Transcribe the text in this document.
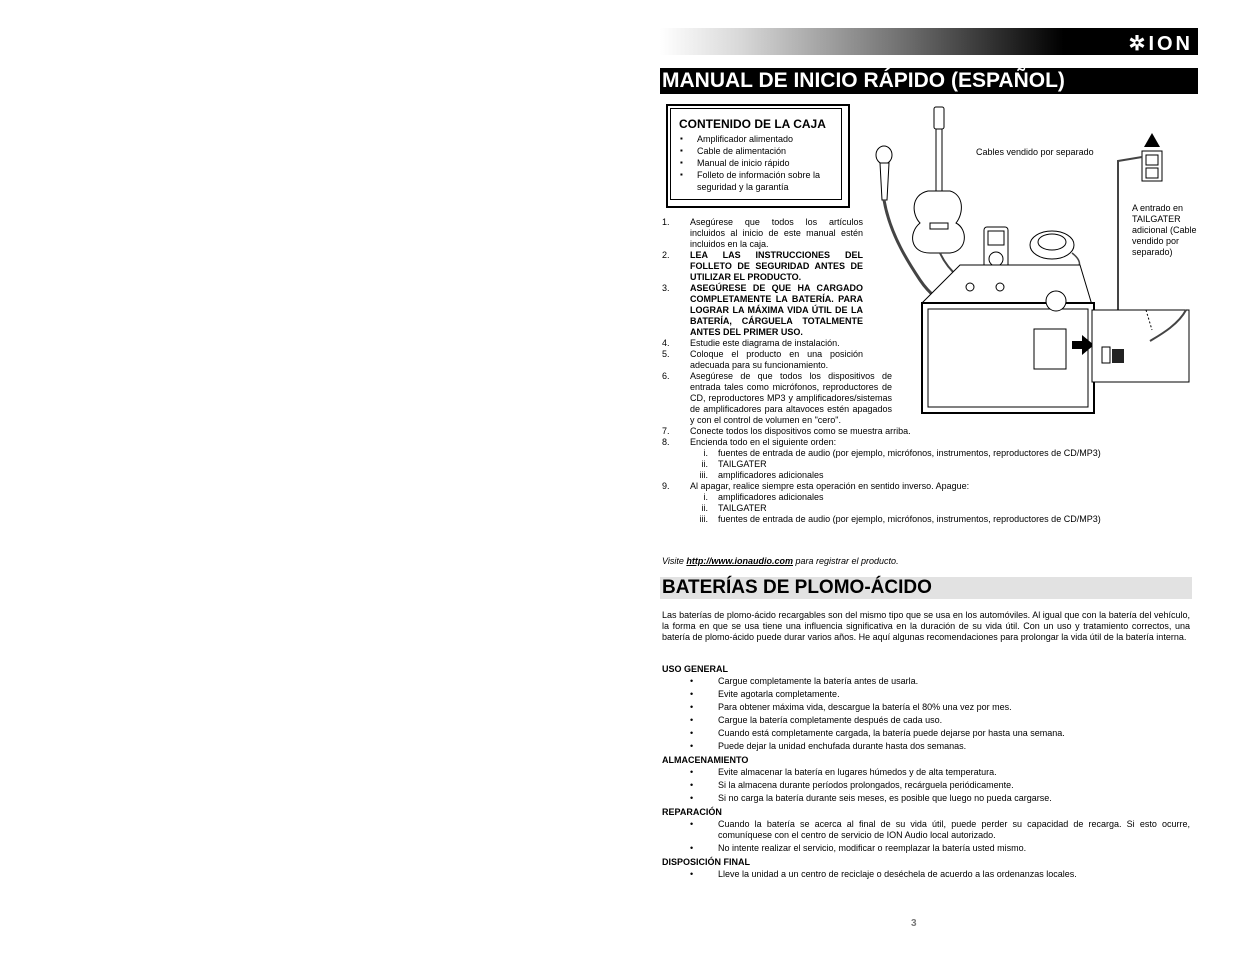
✲ION
MANUAL DE INICIO RÁPIDO (ESPAÑOL)
CONTENIDO DE LA CAJA
▪ Amplificador alimentado
▪ Cable de alimentación
▪ Manual de inicio rápido
▪ Folleto de información sobre la seguridad y la garantía
Cables vendido por separado
A entrado en TAILGATER adicional (Cable vendido por separado)
1. Asegúrese que todos los artículos incluidos al inicio de este manual estén incluidos en la caja.
2. LEA LAS INSTRUCCIONES DEL FOLLETO DE SEGURIDAD ANTES DE UTILIZAR EL PRODUCTO.
3. ASEGÚRESE DE QUE HA CARGADO COMPLETAMENTE LA BATERÍA. PARA LOGRAR LA MÁXIMA VIDA ÚTIL DE LA BATERÍA, CÁRGUELA TOTALMENTE ANTES DEL PRIMER USO.
4. Estudie este diagrama de instalación.
5. Coloque el producto en una posición adecuada para su funcionamiento.
6. Asegúrese de que todos los dispositivos de entrada tales como micrófonos, reproductores de CD, reproductores MP3 y amplificadores/sistemas de amplificadores para altavoces estén apagados y con el control de volumen en "cero".
7. Conecte todos los dispositivos como se muestra arriba.
8. Encienda todo en el siguiente orden:
i. fuentes de entrada de audio (por ejemplo, micrófonos, instrumentos, reproductores de CD/MP3)
ii. TAILGATER
iii. amplificadores adicionales
9. Al apagar, realice siempre esta operación en sentido inverso. Apague:
i. amplificadores adicionales
ii. TAILGATER
iii. fuentes de entrada de audio (por ejemplo, micrófonos, instrumentos, reproductores de CD/MP3)
Visite http://www.ionaudio.com para registrar el producto.
BATERÍAS DE PLOMO-ÁCIDO
Las baterías de plomo-ácido recargables son del mismo tipo que se usa en los automóviles. Al igual que con la batería del vehículo, la forma en que se usa tiene una influencia significativa en la duración de su vida útil. Con un uso y tratamiento correctos, una batería de plomo-ácido puede durar varios años. He aquí algunas recomendaciones para prolongar la vida útil de la batería interna.
USO GENERAL
• Cargue completamente la batería antes de usarla.
• Evite agotarla completamente.
• Para obtener máxima vida, descargue la batería el 80% una vez por mes.
• Cargue la batería completamente después de cada uso.
• Cuando está completamente cargada, la batería puede dejarse por hasta una semana.
• Puede dejar la unidad enchufada durante hasta dos semanas.
ALMACENAMIENTO
• Evite almacenar la batería en lugares húmedos y de alta temperatura.
• Si la almacena durante períodos prolongados, recárguela periódicamente.
• Si no carga la batería durante seis meses, es posible que luego no pueda cargarse.
REPARACIÓN
• Cuando la batería se acerca al final de su vida útil, puede perder su capacidad de recarga. Si esto ocurre, comuníquese con el centro de servicio de ION Audio local autorizado.
• No intente realizar el servicio, modificar o reemplazar la batería usted mismo.
DISPOSICIÓN FINAL
• Lleve la unidad a un centro de reciclaje o deséchela de acuerdo a las ordenanzas locales.
3
